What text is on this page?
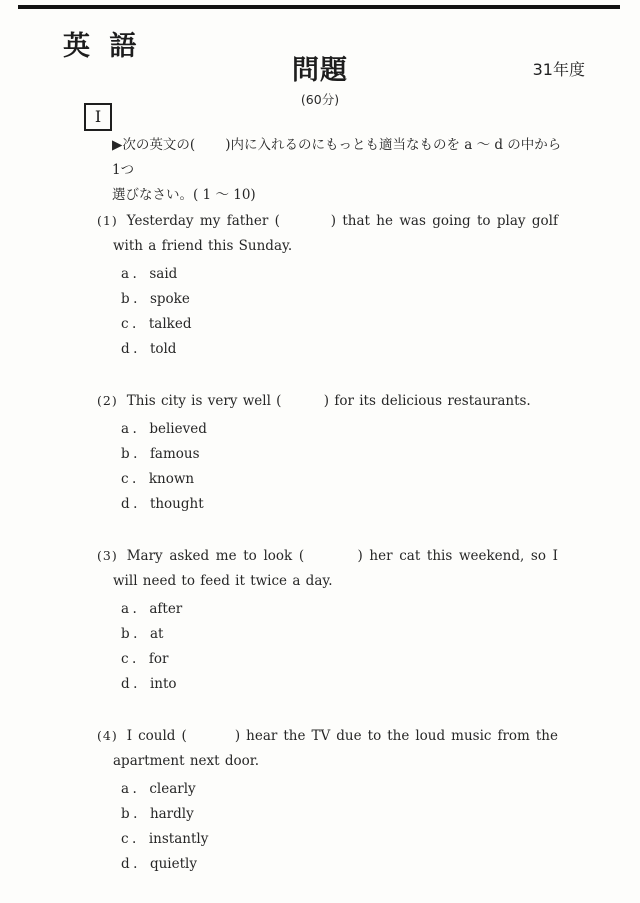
英 語
問題
(60分)
31年度
I

▶次の英文の(       )内に入れるのにもっとも適当なものを a ～ d の中から1つ
選びなさい。( 1 ～ 10)

(1) Yesterday my father (        ) that he was going to play golf with a friend this Sunday.

a. said
b. spoke
c. talked
d. told

(2) This city is very well (        ) for its delicious restaurants.

a. believed
b. famous
c. known
d. thought

(3) Mary asked me to look (        ) her cat this weekend, so I will need to feed it twice a day.

a. after
b. at
c. for
d. into

(4) I could (        ) hear the TV due to the loud music from the apartment next door.

a. clearly
b. hardly
c. instantly
d. quietly
